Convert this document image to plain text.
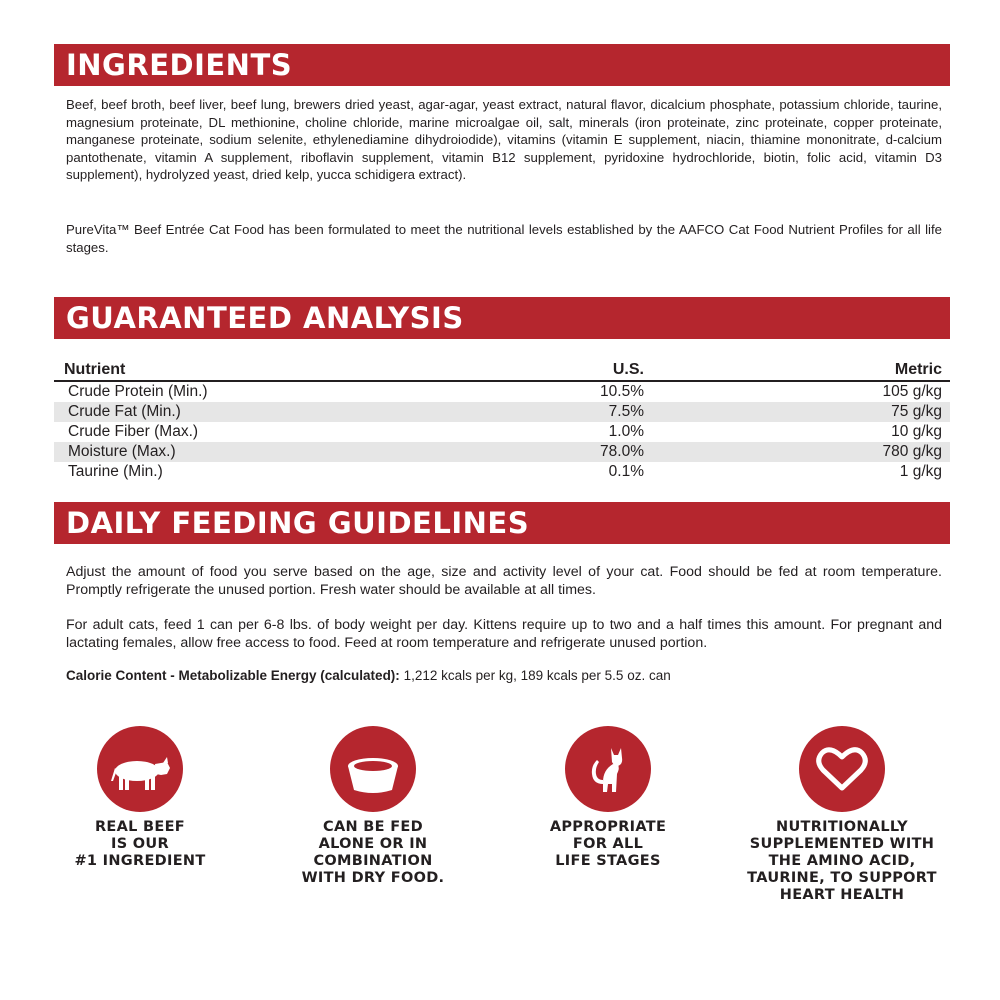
INGREDIENTS

Beef, beef broth, beef liver, beef lung, brewers dried yeast, agar-agar, yeast extract, natural flavor, dicalcium phosphate, potassium chloride, taurine, magnesium proteinate, DL methionine, choline chloride, marine microalgae oil, salt, minerals (iron proteinate, zinc proteinate, copper proteinate, manganese proteinate, sodium selenite, ethylenediamine dihydroiodide), vitamins (vitamin E supplement, niacin, thiamine mononitrate, d-calcium pantothenate, vitamin A supplement, riboflavin supplement, vitamin B12 supplement, pyridoxine hydrochloride, biotin, folic acid, vitamin D3 supplement), hydrolyzed yeast, dried kelp, yucca schidigera extract).

PureVita™ Beef Entrée Cat Food has been formulated to meet the nutritional levels established by the AAFCO Cat Food Nutrient Profiles for all life stages.

GUARANTEED ANALYSIS
Nutrient	U.S.	Metric
Crude Protein (Min.)	10.5%	105 g/kg
Crude Fat (Min.)	7.5%	75 g/kg
Crude Fiber (Max.)	1.0%	10 g/kg
Moisture (Max.)	78.0%	780 g/kg
Taurine (Min.)	0.1%	1 g/kg
DAILY FEEDING GUIDELINES

Adjust the amount of food you serve based on the age, size and activity level of your cat. Food should be fed at room temperature. Promptly refrigerate the unused portion. Fresh water should be available at all times.

For adult cats, feed 1 can per 6-8 lbs. of body weight per day. Kittens require up to two and a half times this amount. For pregnant and lactating females, allow free access to food. Feed at room temperature and refrigerate unused portion.

Calorie Content - Metabolizable Energy (calculated): 1,212 kcals per kg, 189 kcals per 5.5 oz. can

REAL BEEF
IS OUR
#1 INGREDIENT
CAN BE FED
ALONE OR IN
COMBINATION
WITH DRY FOOD.
APPROPRIATE
FOR ALL
LIFE STAGES
NUTRITIONALLY
SUPPLEMENTED WITH
THE AMINO ACID,
TAURINE, TO SUPPORT
HEART HEALTH
